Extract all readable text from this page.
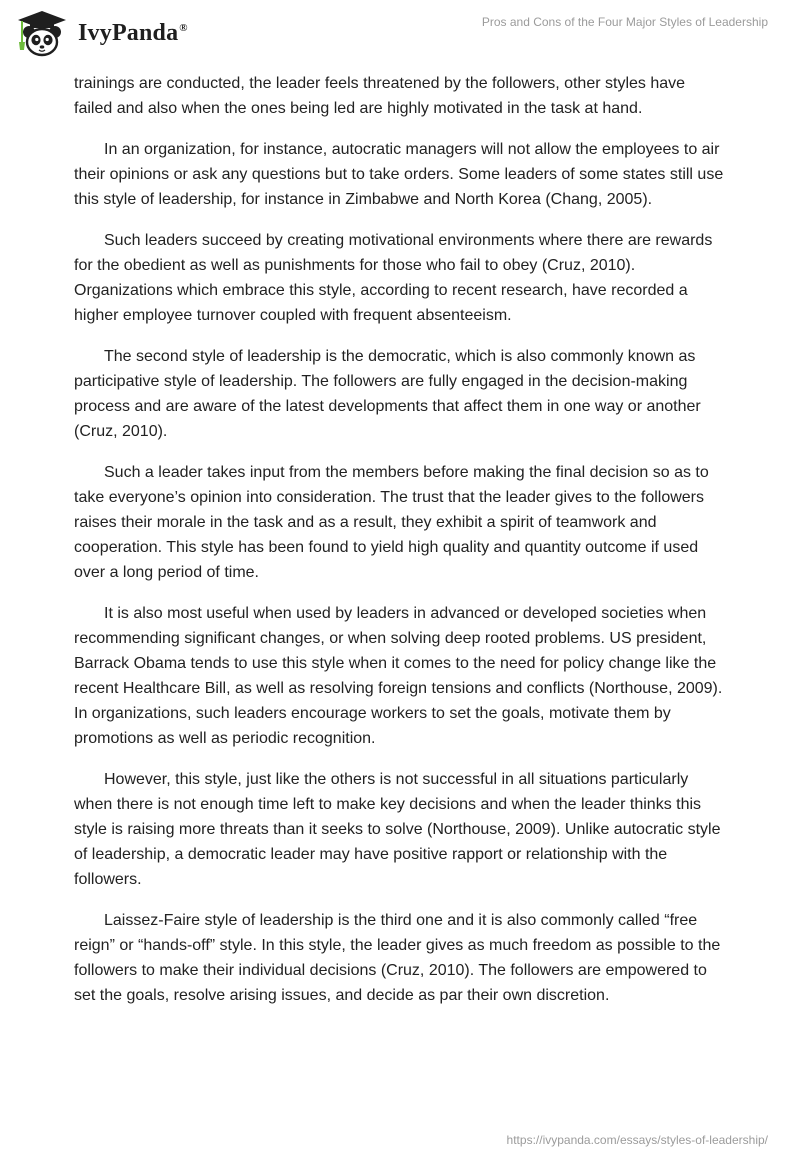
IvyPanda®	Pros and Cons of the Four Major Styles of Leadership

trainings are conducted, the leader feels threatened by the followers, other styles have failed and also when the ones being led are highly motivated in the task at hand.

In an organization, for instance, autocratic managers will not allow the employees to air their opinions or ask any questions but to take orders. Some leaders of some states still use this style of leadership, for instance in Zimbabwe and North Korea (Chang, 2005).

Such leaders succeed by creating motivational environments where there are rewards for the obedient as well as punishments for those who fail to obey (Cruz, 2010). Organizations which embrace this style, according to recent research, have recorded a higher employee turnover coupled with frequent absenteeism.

The second style of leadership is the democratic, which is also commonly known as participative style of leadership. The followers are fully engaged in the decision-making process and are aware of the latest developments that affect them in one way or another (Cruz, 2010).

Such a leader takes input from the members before making the final decision so as to take everyone’s opinion into consideration. The trust that the leader gives to the followers raises their morale in the task and as a result, they exhibit a spirit of teamwork and cooperation. This style has been found to yield high quality and quantity outcome if used over a long period of time.

It is also most useful when used by leaders in advanced or developed societies when recommending significant changes, or when solving deep rooted problems. US president, Barrack Obama tends to use this style when it comes to the need for policy change like the recent Healthcare Bill, as well as resolving foreign tensions and conflicts (Northouse, 2009). In organizations, such leaders encourage workers to set the goals, motivate them by promotions as well as periodic recognition.

However, this style, just like the others is not successful in all situations particularly when there is not enough time left to make key decisions and when the leader thinks this style is raising more threats than it seeks to solve (Northouse, 2009). Unlike autocratic style of leadership, a democratic leader may have positive rapport or relationship with the followers.

Laissez-Faire style of leadership is the third one and it is also commonly called “free reign” or “hands-off” style. In this style, the leader gives as much freedom as possible to the followers to make their individual decisions (Cruz, 2010). The followers are empowered to set the goals, resolve arising issues, and decide as par their own discretion.

https://ivypanda.com/essays/styles-of-leadership/
